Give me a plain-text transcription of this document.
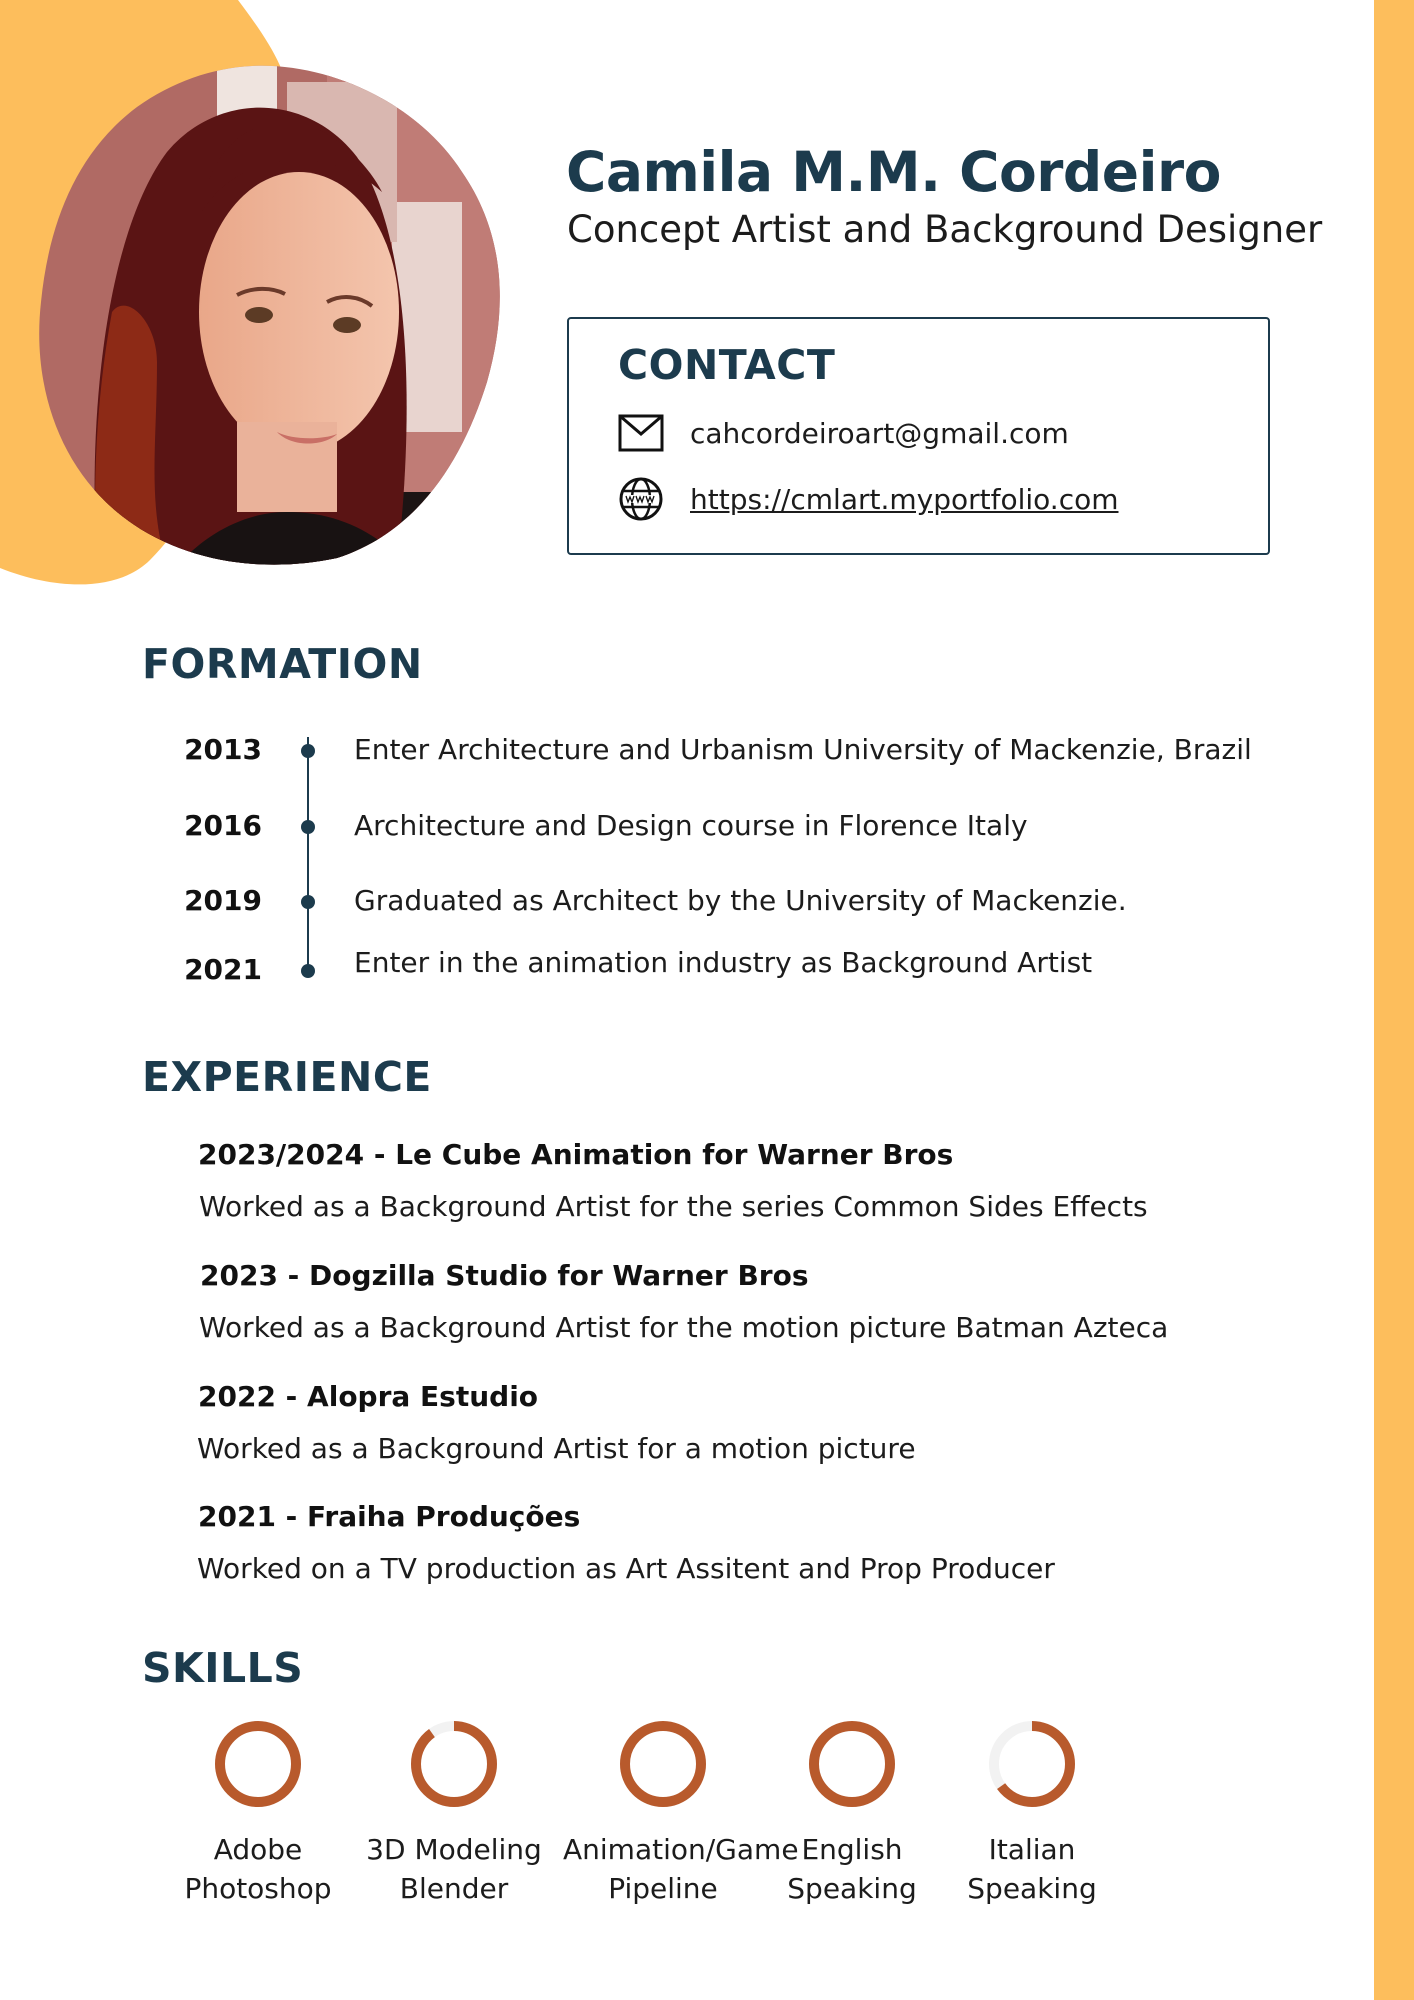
Camila M.M. Cordeiro
Concept Artist and Background Designer
CONTACT
cahcordeiroart@gmail.com
https://cmlart.myportfolio.com
FORMATION
2013	Enter Architecture and Urbanism University of Mackenzie, Brazil
2016	Architecture and Design course in Florence Italy
2019	Graduated as Architect by the University of Mackenzie.
2021	Enter in the animation industry as Background Artist
EXPERIENCE
2023/2024 - Le Cube Animation for Warner Bros
Worked as a Background Artist for the series Common Sides Effects
2023 - Dogzilla Studio for Warner Bros
Worked as a Background Artist for the motion picture Batman Azteca
2022 - Alopra Estudio
Worked as a Background Artist for a motion picture
2021 - Fraiha Produções
Worked on a TV production as Art Assitent and Prop Producer
SKILLS
Adobe
Photoshop
3D Modeling
Blender
Animation/Game
Pipeline
English
Speaking
Italian
Speaking
